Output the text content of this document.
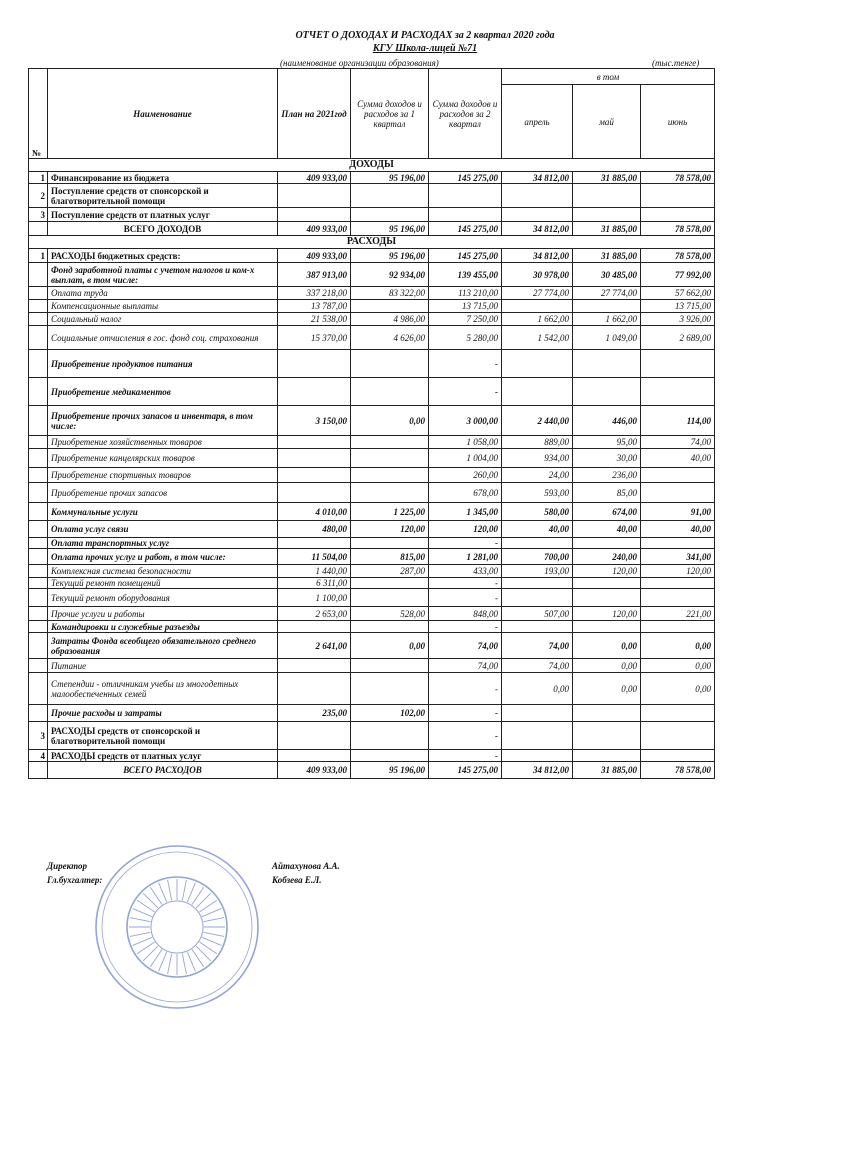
ОТЧЕТ О ДОХОДАХ И РАСХОДАХ за 2 квартал 2020 года
КГУ Школа-лицей №71
(наименование организации образования)	(тыс.тенге)
№	Наименование	План на 2021год	Сумма доходов и расходов за 1 квартал	Сумма доходов и расходов за 2 квартал	в том		
					апрель	май	июнь
ДОХОДЫ							
1	Финансирование из бюджета	409 933,00	95 196,00	145 275,00	34 812,00	31 885,00	78 578,00
2	Поступление средств от спонсорской и благотворительной помощи						
3	Поступление средств от платных услуг						
	ВСЕГО ДОХОДОВ	409 933,00	95 196,00	145 275,00	34 812,00	31 885,00	78 578,00
РАСХОДЫ							
1	РАСХОДЫ бюджетных средств:	409 933,00	95 196,00	145 275,00	34 812,00	31 885,00	78 578,00
	Фонд заработной платы с учетом налогов и ком-х выплат, в том числе:	387 913,00	92 934,00	139 455,00	30 978,00	30 485,00	77 992,00
	Оплата труда	337 218,00	83 322,00	113 210,00	27 774,00	27 774,00	57 662,00
	Компенсационные выплаты	13 787,00		13 715,00			13 715,00
	Социальный налог	21 538,00	4 986,00	7 250,00	1 662,00	1 662,00	3 926,00
	Социальные отчисления в гос. фонд соц. страхования	15 370,00	4 626,00	5 280,00	1 542,00	1 049,00	2 689,00
	Приобретение продуктов питания			-			
	Приобретение медикаментов			-			
	Приобретение прочих запасов и инвентаря, в том числе:	3 150,00	0,00	3 000,00	2 440,00	446,00	114,00
	Приобретение хозяйственных товаров			1 058,00	889,00	95,00	74,00
	Приобретение канцелярских товаров			1 004,00	934,00	30,00	40,00
	Приобретение спортивных товаров			260,00	24,00	236,00	
	Приобретение прочих запасов			678,00	593,00	85,00	
	Коммунальные услуги	4 010,00	1 225,00	1 345,00	580,00	674,00	91,00
	Оплата услуг связи	480,00	120,00	120,00	40,00	40,00	40,00
	Оплата транспортных услуг			-			
	Оплата прочих услуг и работ, в том числе:	11 504,00	815,00	1 281,00	700,00	240,00	341,00
	Комплексная система безопасности	1 440,00	287,00	433,00	193,00	120,00	120,00
	Текущий ремонт помещений	6 311,00		-			
	Текущий ремонт оборудования	1 100,00		-			
	Прочие услуги и работы	2 653,00	528,00	848,00	507,00	120,00	221,00
	Командировки и служебные разъезды			-			
	Затраты Фонда всеобщего обязательного среднего образования	2 641,00	0,00	74,00	74,00	0,00	0,00
	Питание			74,00	74,00	0,00	0,00
	Степендии - отличникам учебы из многодетных малообеспеченных семей			-	0,00	0,00	0,00
	Прочие расходы и затраты	235,00	102,00	-			
3	РАСХОДЫ средств от спонсорской и благотворительной помощи			-			
4	РАСХОДЫ средств от платных услуг			-			
	ВСЕГО РАСХОДОВ	409 933,00	95 196,00	145 275,00	34 812,00	31 885,00	78 578,00
Директор	Айтахунова А.А.
Гл.бухгалтер:	Кобзева Е.Л.
